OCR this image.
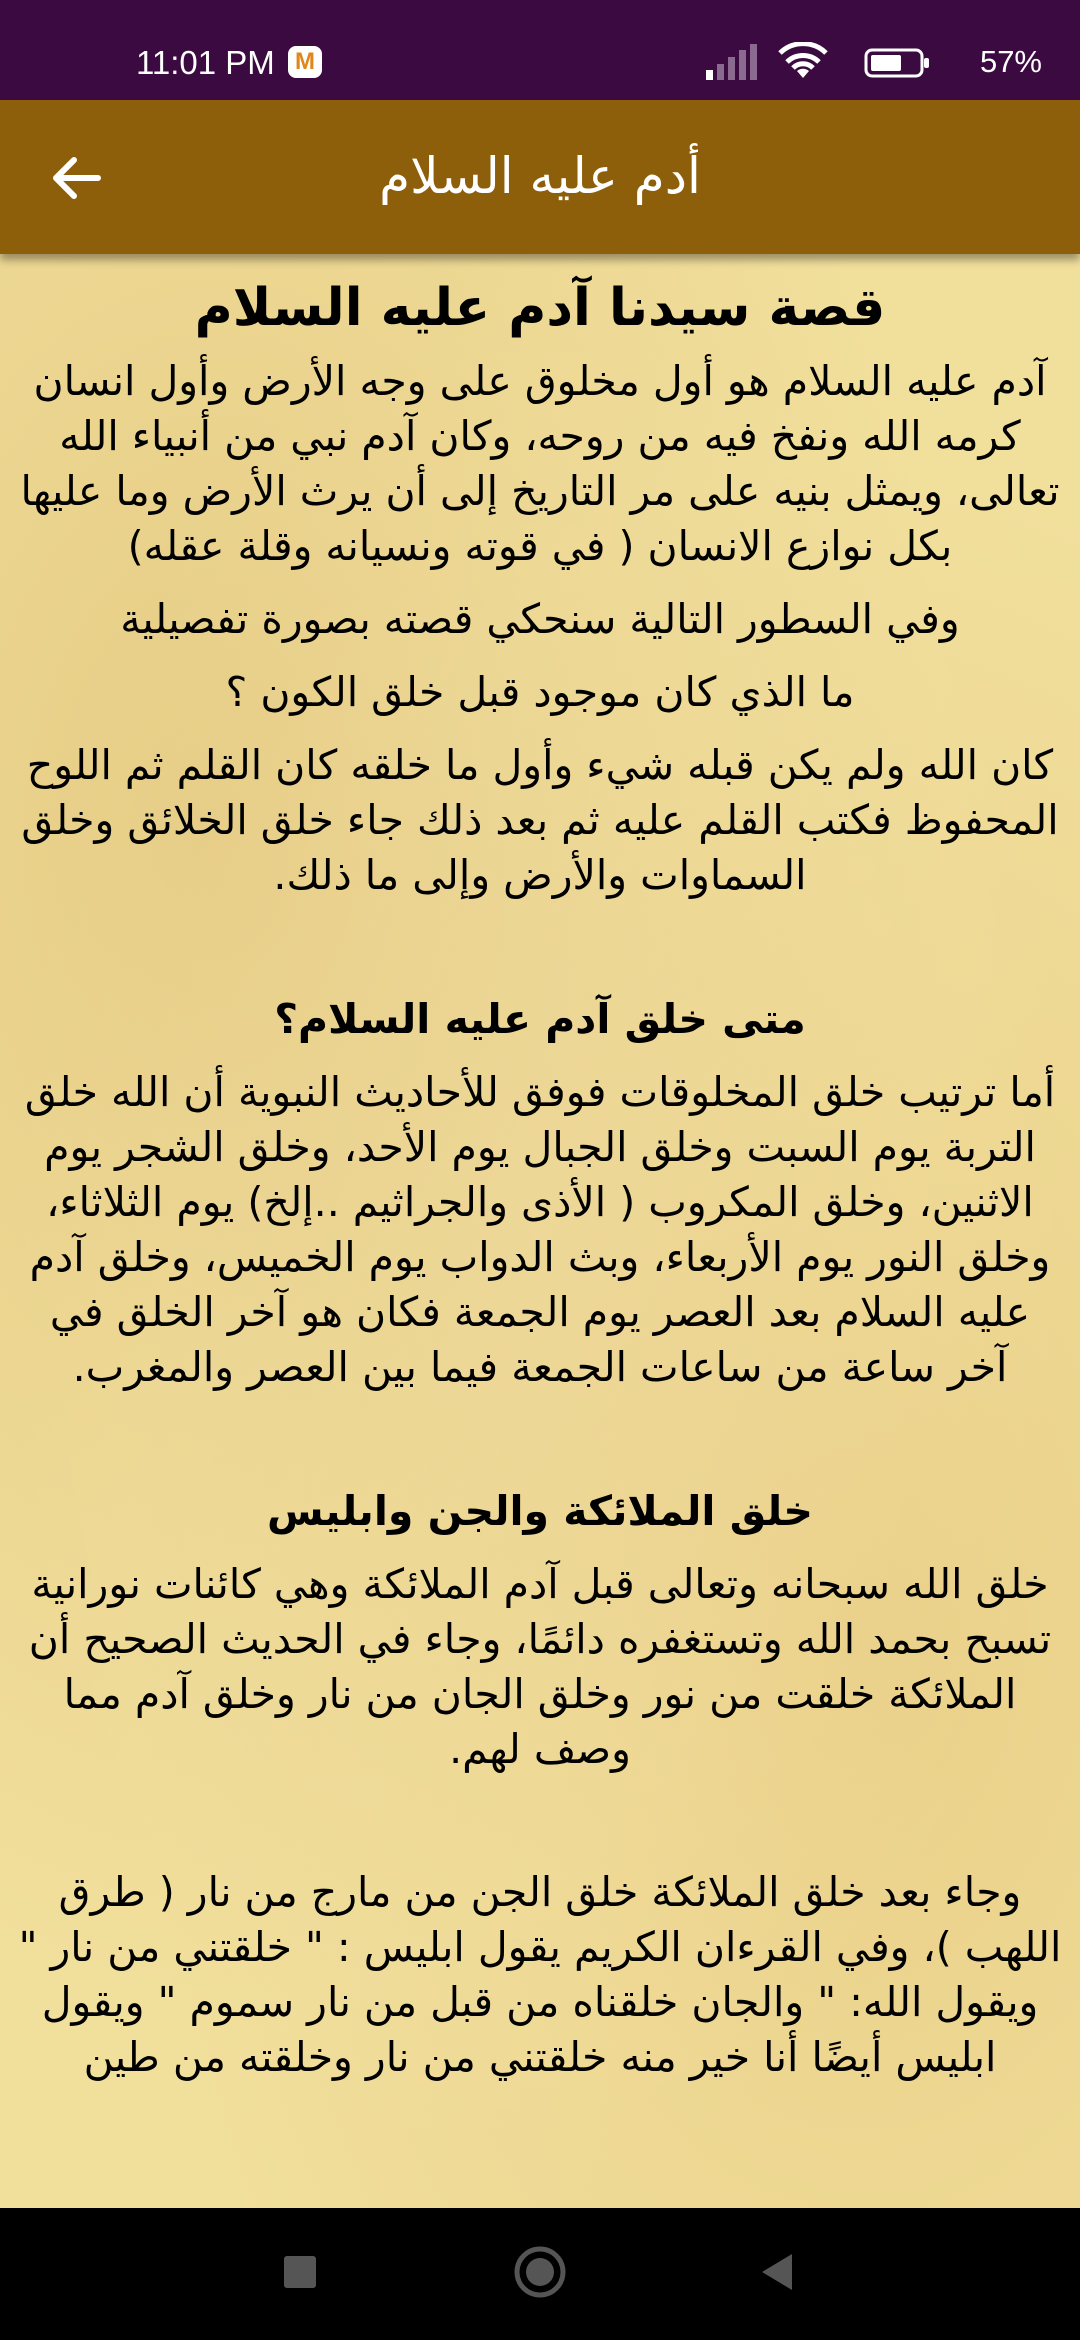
11:01 PM M	57%
أدم عليه السلام
قصة سيدنا آدم عليه السلام

آدم عليه السلام هو أول مخلوق على وجه الأرض وأول انسان كرمه الله ونفخ فيه من روحه، وكان آدم نبي من أنبياء الله تعالى، ويمثل بنيه على مر التاريخ إلى أن يرث الأرض وما عليها بكل نوازع الانسان ( في قوته ونسيانه وقلة عقله)

وفي السطور التالية سنحكي قصته بصورة تفصيلية

ما الذي كان موجود قبل خلق الكون ؟

كان الله ولم يكن قبله شيء وأول ما خلقه كان القلم ثم اللوح المحفوظ فكتب القلم عليه ثم بعد ذلك جاء خلق الخلائق وخلق السماوات والأرض وإلى ما ذلك.

متى خلق آدم عليه السلام؟

أما ترتيب خلق المخلوقات فوفق للأحاديث النبوية أن الله خلق التربة يوم السبت وخلق الجبال يوم الأحد، وخلق الشجر يوم الاثنين، وخلق المكروب ( الأذى والجراثيم ..إلخ) يوم الثلاثاء، وخلق النور يوم الأربعاء، وبث الدواب يوم الخميس، وخلق آدم عليه السلام بعد العصر يوم الجمعة فكان هو آخر الخلق في آخر ساعة من ساعات الجمعة فيما بين العصر والمغرب.

خلق الملائكة والجن وابليس

خلق الله سبحانه وتعالى قبل آدم الملائكة وهي كائنات نورانية تسبح بحمد الله وتستغفره دائمًا، وجاء في الحديث الصحيح أن الملائكة خلقت من نور وخلق الجان من نار وخلق آدم مما وصف لهم.

وجاء بعد خلق الملائكة خلق الجن من مارج من نار ( طرق اللهب )، وفي القرءان الكريم يقول ابليس : " خلقتني من نار " ويقول الله: " والجان خلقناه من قبل من نار سموم " ويقول ابليس أيضًا أنا خير منه خلقتني من نار وخلقته من طين
